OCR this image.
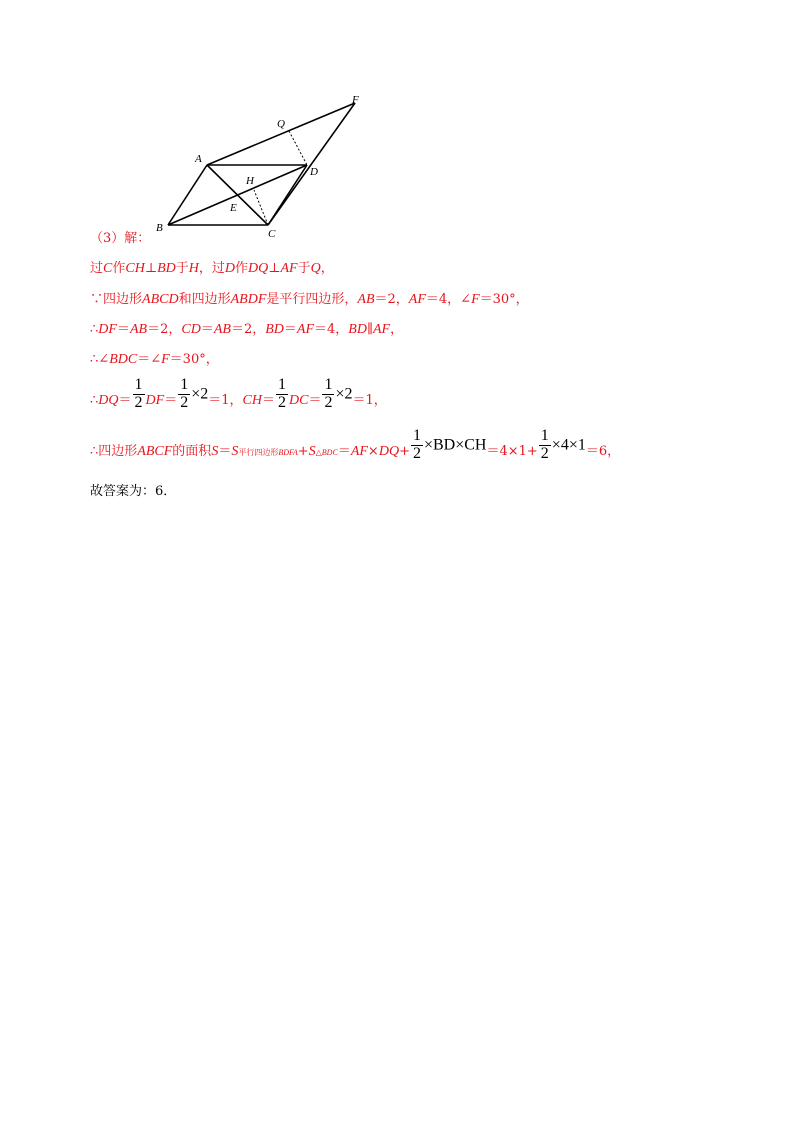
A
B	C
D
E
F
H
Q
（3）解：
过C作CH⊥BD于H，过D作DQ⊥AF于Q，
∵四边形ABCD和四边形ABDF是平行四边形，AB＝2，AF＝4，∠F＝30°，
∴DF＝AB＝2，CD＝AB＝2，BD＝AF＝4，BD∥AF，
∴∠BDC＝∠F＝30°，
∴DQ＝ $\frac{1}{2} DF= \frac{1}{2} \times 2=1$，$CH= \frac{1}{2} DC= \frac{1}{2} \times 2=1$，
∴四边形ABCF的面积$S=S_{平行四边形BDFA}+S_{\triangle BDC}=AF\times DQ+ \frac{1}{2} \times BD\times CH=4\times 1+ \frac{1}{2} \times 4\times 1=6$，
故答案为：6．
